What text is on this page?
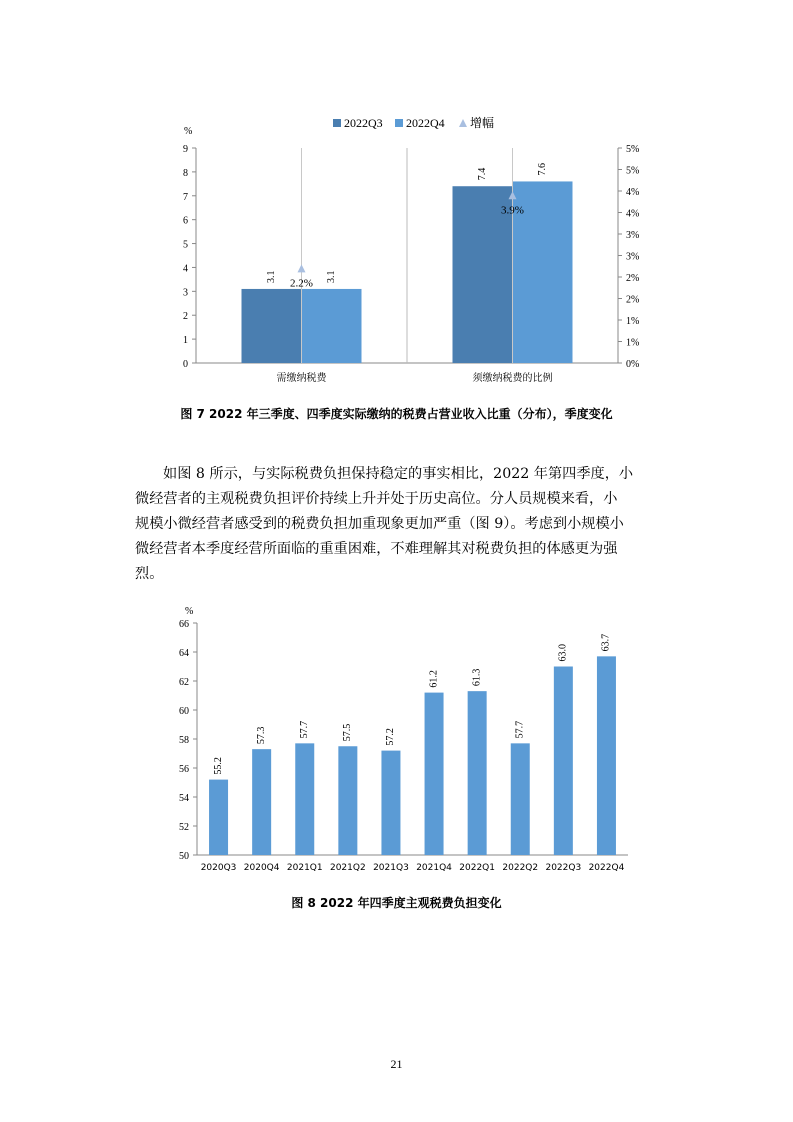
2022Q3 2022Q4 增幅
%
0
1
2
3
4
5
6
7
8
9
0%
1%
1%
2%
2%
3%
3%
4%
4%
5%
5%
需缴纳税费
3.1	3.1
2.2%
须缴纳税费的比例
7.4	7.6
3.9%
图 7 2022 年三季度、四季度实际缴纳的税费占营业收入比重（分布），季度变化
如图 8 所示，与实际税费负担保持稳定的事实相比，2022 年第四季度，小
微经营者的主观税费负担评价持续上升并处于历史高位。分人员规模来看，小
规模小微经营者感受到的税费负担加重现象更加严重（图 9）。考虑到小规模小
微经营者本季度经营所面临的重重困难，不难理解其对税费负担的体感更为强
烈。
%
50
52
54
56
58
60
62
64
66
55.2
2020Q3
57.3
2020Q4
57.7
2021Q1
57.5
2021Q2
57.2
2021Q3
61.2
2021Q4
61.3
2022Q1
57.7
2022Q2
63.0
2022Q3
63.7
2022Q4
图 8 2022 年四季度主观税费负担变化
21
